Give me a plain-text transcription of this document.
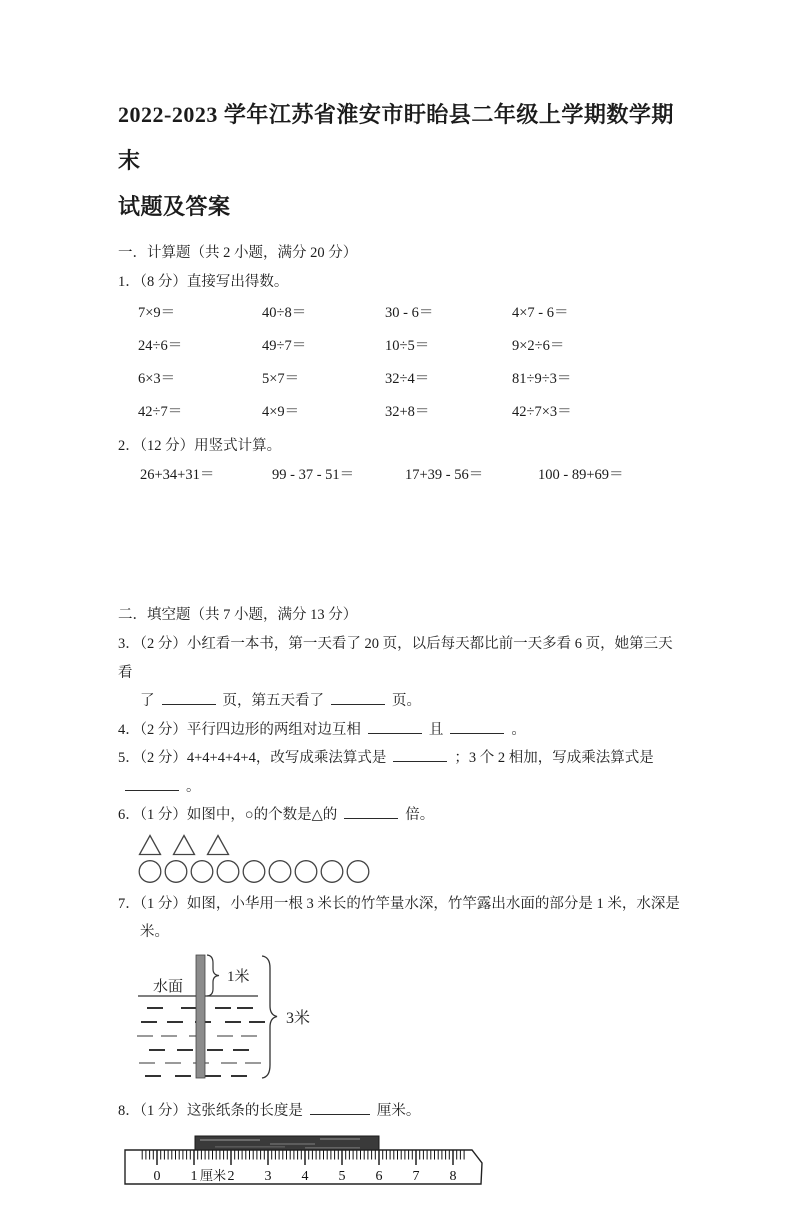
2022-2023 学年江苏省淮安市盱眙县二年级上学期数学期末
试题及答案
一．计算题（共 2 小题，满分 20 分）
1．（8 分）直接写出得数。
7×9＝	40÷8＝	30 - 6＝	4×7 - 6＝
24÷6＝	49÷7＝	10÷5＝	9×2÷6＝
6×3＝	5×7＝	32÷4＝	81÷9÷3＝
42÷7＝	4×9＝	32+8＝	42÷7×3＝
2．（12 分）用竖式计算。
26+34+31＝	99 - 37 - 51＝	17+39 - 56＝	100 - 89+69＝
二．填空题（共 7 小题，满分 13 分）
3．（2 分）小红看一本书，第一天看了 20 页，以后每天都比前一天多看 6 页，她第三天看
了	页，第五天看了	页。
4．（2 分）平行四边形的两组对边互相	且	。
5．（2 分）4+4+4+4+4，改写成乘法算式是	；3 个 2 相加，写成乘法算式是。
6．（1 分）如图中，○的个数是△的	倍。
7．（1 分）如图，小华用一根 3 米长的竹竿量水深，竹竿露出水面的部分是 1 米，水深是
米。
水面
1米
3米
8．（1 分）这张纸条的长度是	厘米。
0 1 厘米 2 3 4 5 6 7 8
